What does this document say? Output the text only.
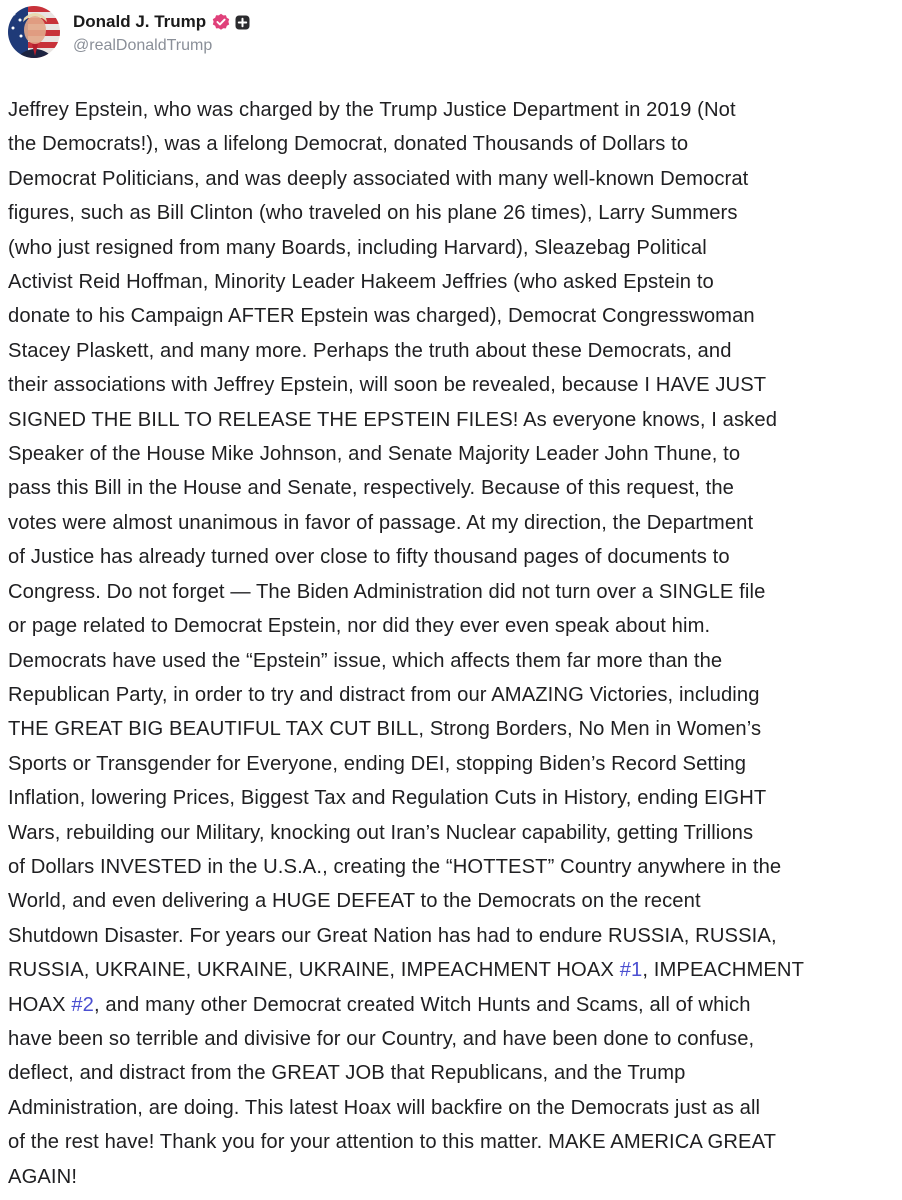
Donald J. Trump
@realDonaldTrump
Jeffrey Epstein, who was charged by the Trump Justice Department in 2019 (Not
the Democrats!), was a lifelong Democrat, donated Thousands of Dollars to
Democrat Politicians, and was deeply associated with many well-known Democrat
figures, such as Bill Clinton (who traveled on his plane 26 times), Larry Summers
(who just resigned from many Boards, including Harvard), Sleazebag Political
Activist Reid Hoffman, Minority Leader Hakeem Jeffries (who asked Epstein to
donate to his Campaign AFTER Epstein was charged), Democrat Congresswoman
Stacey Plaskett, and many more. Perhaps the truth about these Democrats, and
their associations with Jeffrey Epstein, will soon be revealed, because I HAVE JUST
SIGNED THE BILL TO RELEASE THE EPSTEIN FILES! As everyone knows, I asked
Speaker of the House Mike Johnson, and Senate Majority Leader John Thune, to
pass this Bill in the House and Senate, respectively. Because of this request, the
votes were almost unanimous in favor of passage. At my direction, the Department
of Justice has already turned over close to fifty thousand pages of documents to
Congress. Do not forget — The Biden Administration did not turn over a SINGLE file
or page related to Democrat Epstein, nor did they ever even speak about him.
Democrats have used the “Epstein” issue, which affects them far more than the
Republican Party, in order to try and distract from our AMAZING Victories, including
THE GREAT BIG BEAUTIFUL TAX CUT BILL, Strong Borders, No Men in Women’s
Sports or Transgender for Everyone, ending DEI, stopping Biden’s Record Setting
Inflation, lowering Prices, Biggest Tax and Regulation Cuts in History, ending EIGHT
Wars, rebuilding our Military, knocking out Iran’s Nuclear capability, getting Trillions
of Dollars INVESTED in the U.S.A., creating the “HOTTEST” Country anywhere in the
World, and even delivering a HUGE DEFEAT to the Democrats on the recent
Shutdown Disaster. For years our Great Nation has had to endure RUSSIA, RUSSIA,
RUSSIA, UKRAINE, UKRAINE, UKRAINE, IMPEACHMENT HOAX #1, IMPEACHMENT
HOAX #2, and many other Democrat created Witch Hunts and Scams, all of which
have been so terrible and divisive for our Country, and have been done to confuse,
deflect, and distract from the GREAT JOB that Republicans, and the Trump
Administration, are doing. This latest Hoax will backfire on the Democrats just as all
of the rest have! Thank you for your attention to this matter. MAKE AMERICA GREAT
AGAIN!
